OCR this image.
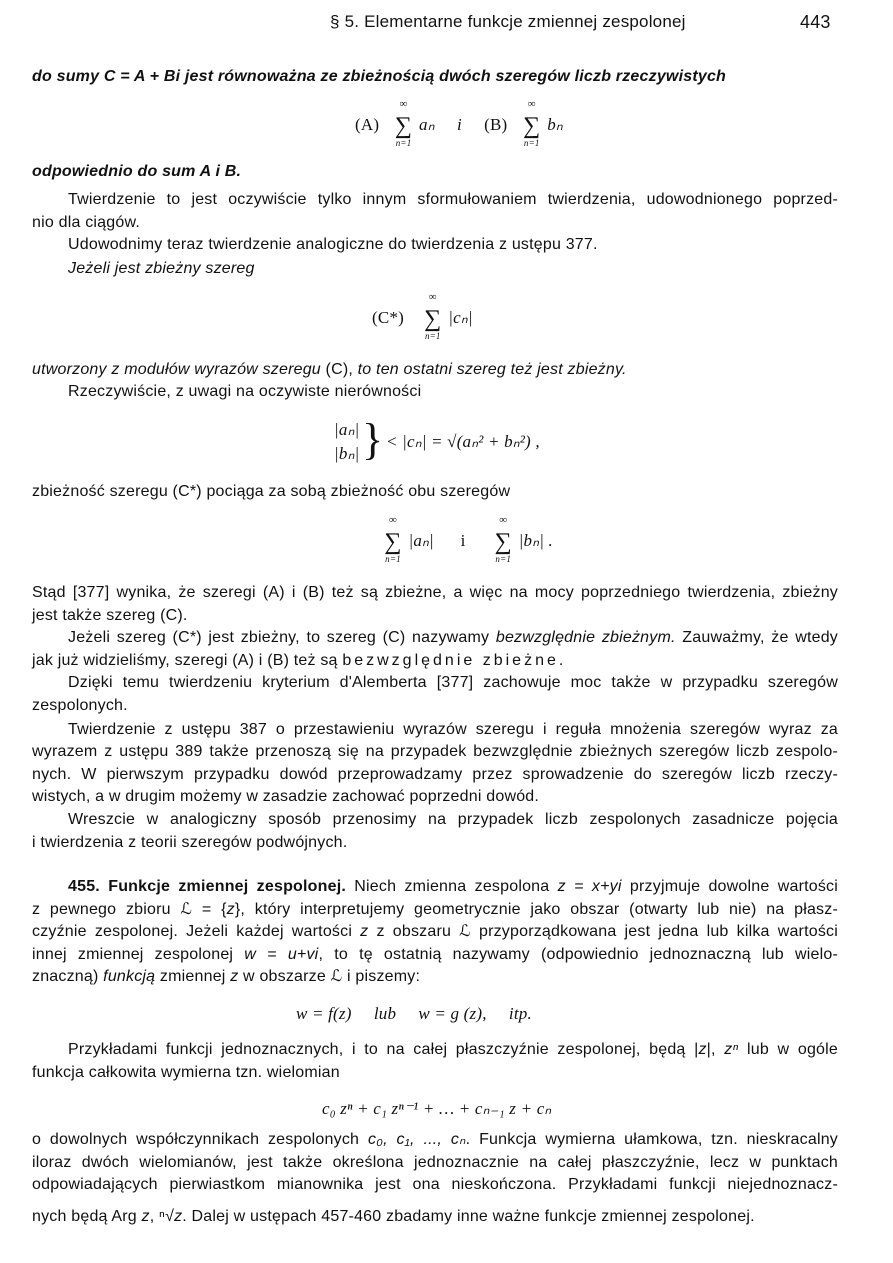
§ 5. Elementarne funkcje zmiennej zespolonej	443
do sumy C = A + Bi jest równoważna ze zbieżnością dwóch szeregów liczb rzeczywistych
odpowiednio do sum A i B.
Twierdzenie to jest oczywiście tylko innym sformułowaniem twierdzenia, udowodnionego poprzed-
nio dla ciągów.
Udowodnimy teraz twierdzenie analogiczne do twierdzenia z ustępu 377.
Jeżeli jest zbieżny szereg
utworzony z modułów wyrazów szeregu (C), to ten ostatni szereg też jest zbieżny.
Rzeczywiście, z uwagi na oczywiste nierówności
zbieżność szeregu (C*) pociąga za sobą zbieżność obu szeregów
Stąd [377] wynika, że szeregi (A) i (B) też są zbieżne, a więc na mocy poprzedniego twierdzenia, zbieżny
jest także szereg (C).
Jeżeli szereg (C*) jest zbieżny, to szereg (C) nazywamy bezwzględnie zbieżnym. Zauważmy, że wtedy
jak już widzieliśmy, szeregi (A) i (B) też są bezwzględnie zbieżne.
Dzięki temu twierdzeniu kryterium d'Alemberta [377] zachowuje moc także w przypadku szeregów
zespolonych.
Twierdzenie z ustępu 387 o przestawieniu wyrazów szeregu i reguła mnożenia szeregów wyraz za
wyrazem z ustępu 389 także przenoszą się na przypadek bezwzględnie zbieżnych szeregów liczb zespolo-
nych. W pierwszym przypadku dowód przeprowadzamy przez sprowadzenie do szeregów liczb rzeczy-
wistych, a w drugim możemy w zasadzie zachować poprzedni dowód.
Wreszcie w analogiczny sposób przenosimy na przypadek liczb zespolonych zasadnicze pojęcia
i twierdzenia z teorii szeregów podwójnych.
455. Funkcje zmiennej zespolonej. Niech zmienna zespolona z = x+yi przyjmuje dowolne wartości
z pewnego zbioru ℒ = {z}, który interpretujemy geometrycznie jako obszar (otwarty lub nie) na płasz-
czyźnie zespolonej. Jeżeli każdej wartości z z obszaru ℒ przyporządkowana jest jedna lub kilka wartości
innej zmiennej zespolonej w = u+vi, to tę ostatnią nazywamy (odpowiednio jednoznaczną lub wielo-
znaczną) funkcją zmiennej z w obszarze ℒ i piszemy:
Przykładami funkcji jednoznacznych, i to na całej płaszczyźnie zespolonej, będą |z|, zⁿ lub w ogóle
funkcja całkowita wymierna tzn. wielomian
o dowolnych współczynnikach zespolonych c₀, c₁, ..., cₙ. Funkcja wymierna ułamkowa, tzn. nieskracalny
iloraz dwóch wielomianów, jest także określona jednoznacznie na całej płaszczyźnie, lecz w punktach
odpowiadających pierwiastkom mianownika jest ona nieskończona. Przykładami funkcji niejednoznacz-
nych będą Arg z, ⁿ√z. Dalej w ustępach 457-460 zbadamy inne ważne funkcje zmiennej zespolonej.
(A)
∞
∑
n=1
aₙ i (B)
∞
∑
n=1
bₙ
(C*)
∞
∑
n=1
|cₙ|
|aₙ|
|bₙ| } < |cₙ| = √(aₙ² + bₙ²) ,
∞
∑
n=1
|aₙ| i
∞
∑
n=1
|bₙ| .
w = f(z)     lub     w = g (z),     itp.
c₀ zⁿ + c₁ zⁿ⁻¹ + … + cₙ₋₁ z + cₙ
